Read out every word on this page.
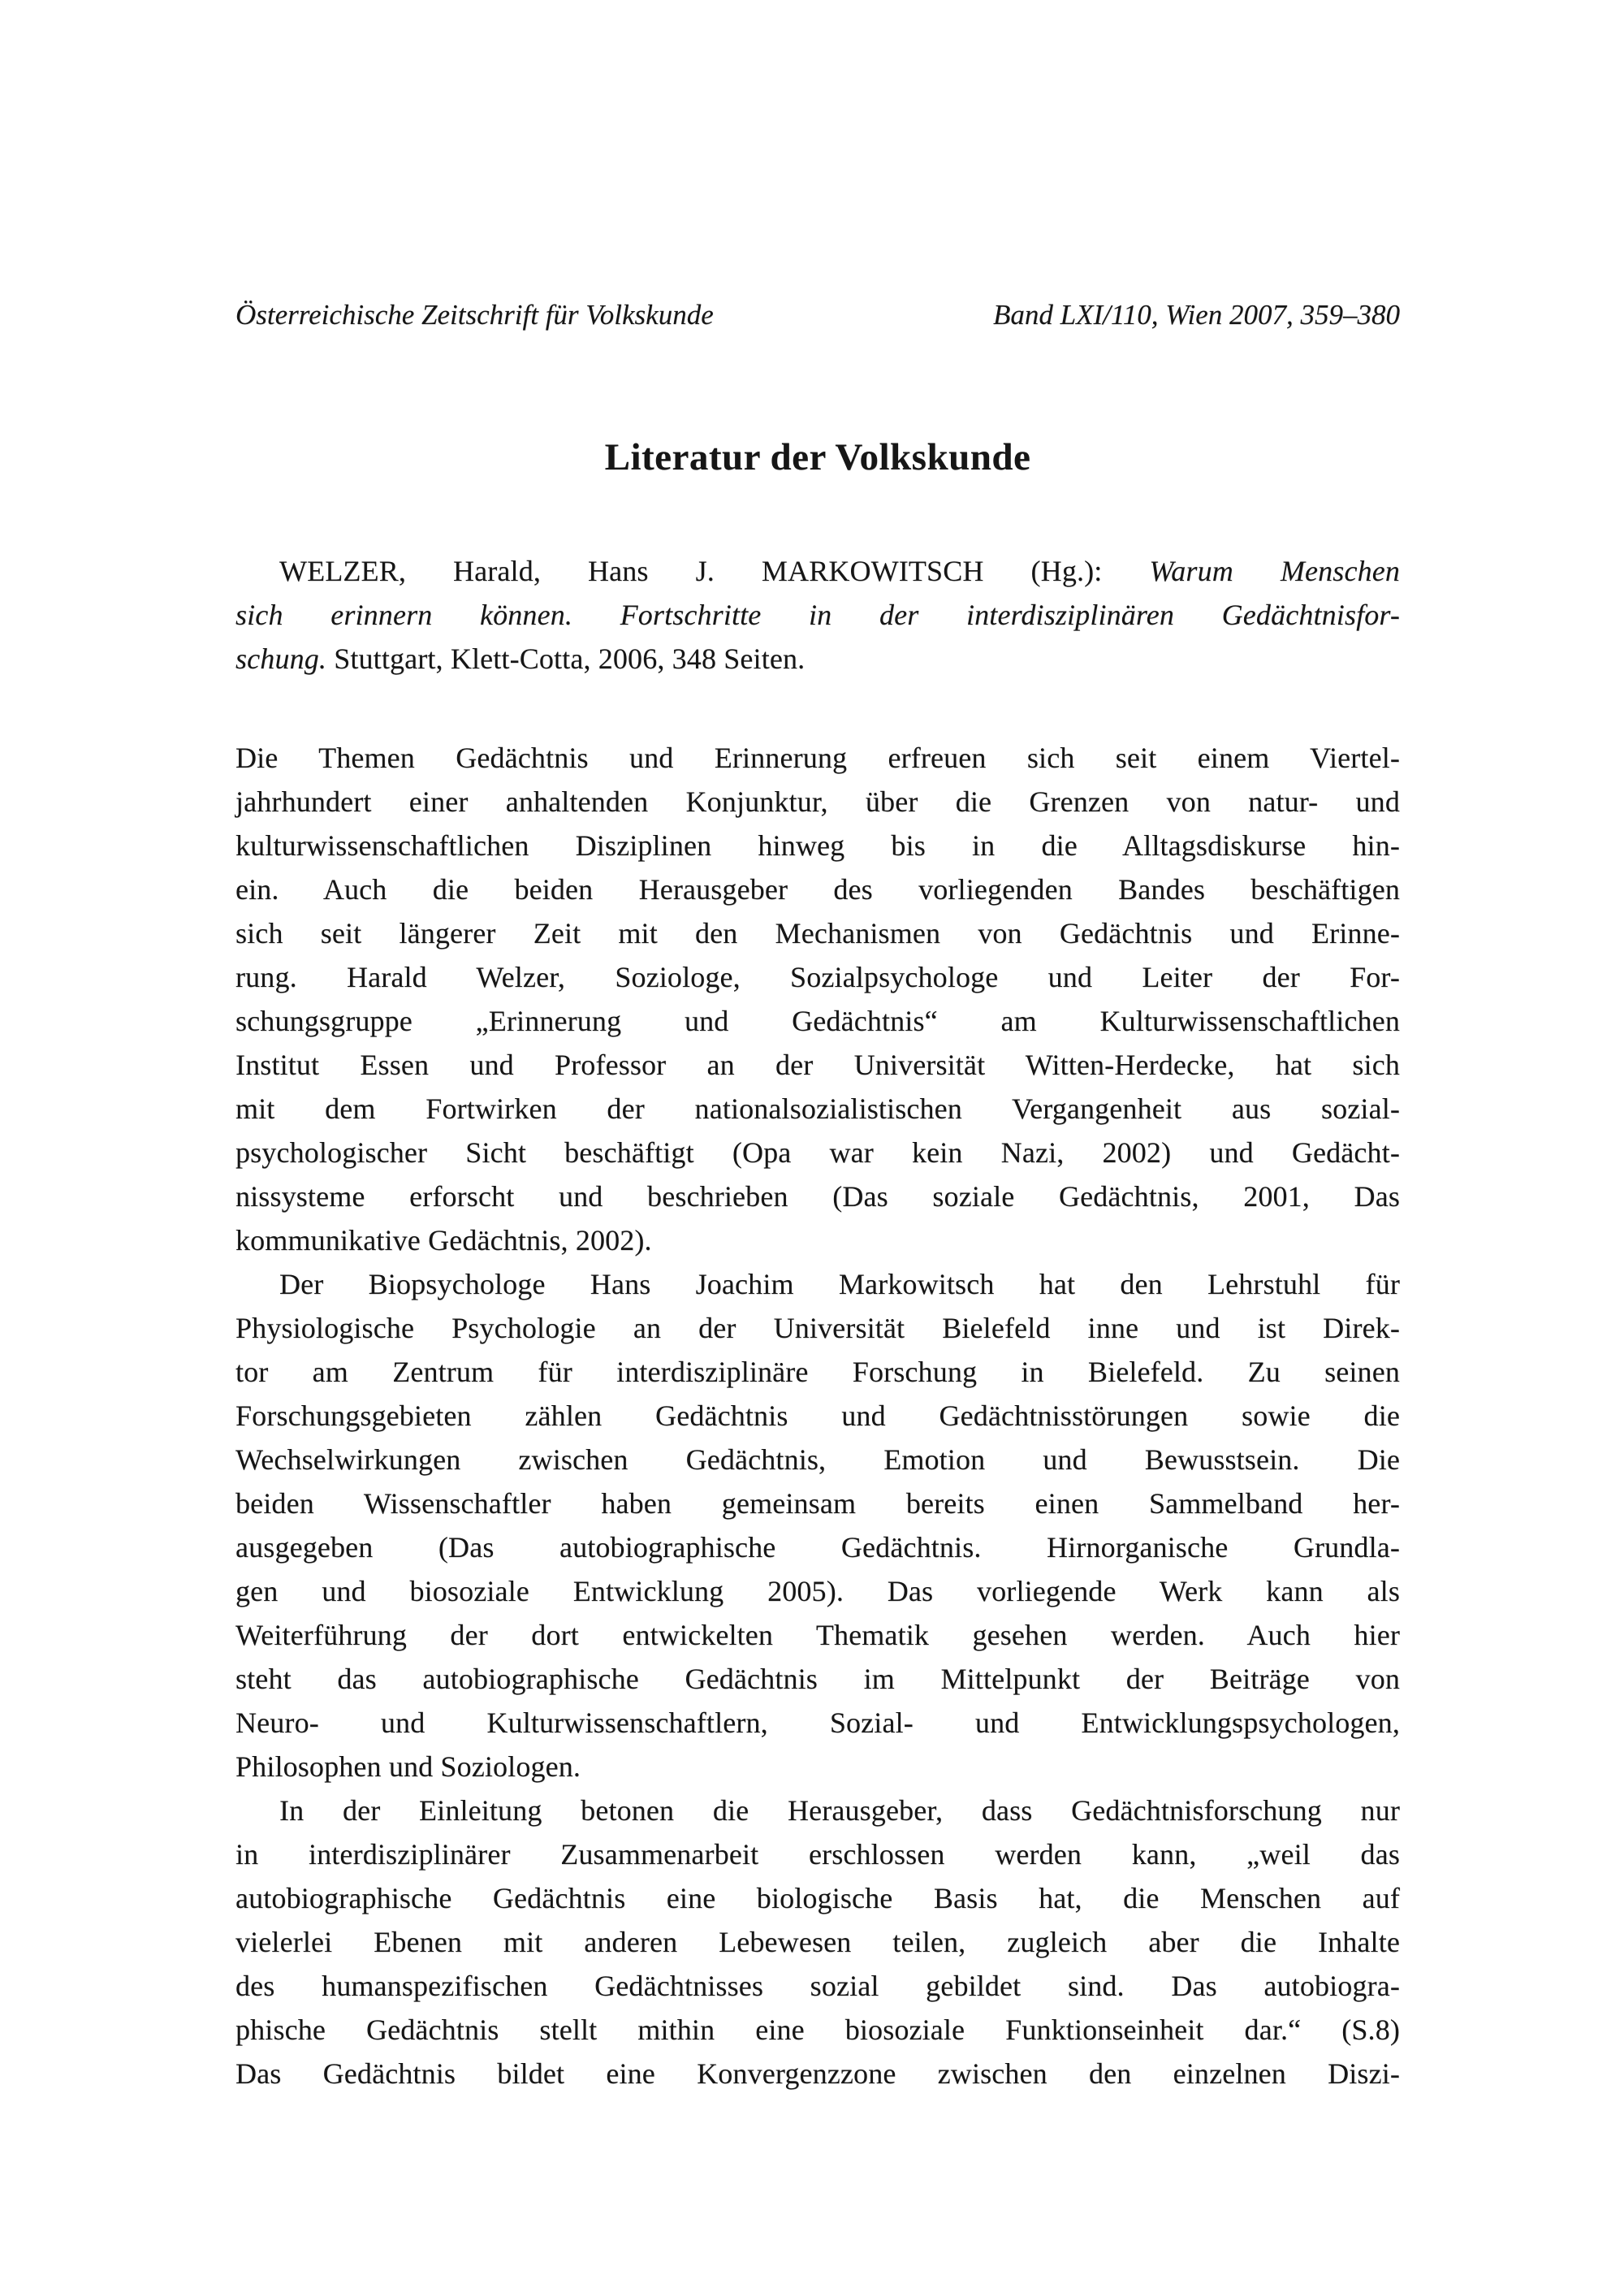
Österreichische Zeitschrift für Volkskunde	Band LXI/110, Wien 2007, 359–380
Literatur der Volkskunde
WELZER, Harald, Hans J. MARKOWITSCH (Hg.): Warum Menschen
sich erinnern können. Fortschritte in der interdisziplinären Gedächtnisfor-
schung. Stuttgart, Klett-Cotta, 2006, 348 Seiten.
Die Themen Gedächtnis und Erinnerung erfreuen sich seit einem Viertel-
jahrhundert einer anhaltenden Konjunktur, über die Grenzen von natur- und
kulturwissenschaftlichen Disziplinen hinweg bis in die Alltagsdiskurse hin-
ein. Auch die beiden Herausgeber des vorliegenden Bandes beschäftigen
sich seit längerer Zeit mit den Mechanismen von Gedächtnis und Erinne-
rung. Harald Welzer, Soziologe, Sozialpsychologe und Leiter der For-
schungsgruppe „Erinnerung und Gedächtnis“ am Kulturwissenschaftlichen
Institut Essen und Professor an der Universität Witten-Herdecke, hat sich
mit dem Fortwirken der nationalsozialistischen Vergangenheit aus sozial-
psychologischer Sicht beschäftigt (Opa war kein Nazi, 2002) und Gedächt-
nissysteme erforscht und beschrieben (Das soziale Gedächtnis, 2001, Das
kommunikative Gedächtnis, 2002).
Der Biopsychologe Hans Joachim Markowitsch hat den Lehrstuhl für
Physiologische Psychologie an der Universität Bielefeld inne und ist Direk-
tor am Zentrum für interdisziplinäre Forschung in Bielefeld. Zu seinen
Forschungsgebieten zählen Gedächtnis und Gedächtnisstörungen sowie die
Wechselwirkungen zwischen Gedächtnis, Emotion und Bewusstsein. Die
beiden Wissenschaftler haben gemeinsam bereits einen Sammelband her-
ausgegeben (Das autobiographische Gedächtnis. Hirnorganische Grundla-
gen und biosoziale Entwicklung 2005). Das vorliegende Werk kann als
Weiterführung der dort entwickelten Thematik gesehen werden. Auch hier
steht das autobiographische Gedächtnis im Mittelpunkt der Beiträge von
Neuro- und Kulturwissenschaftlern, Sozial- und Entwicklungspsychologen,
Philosophen und Soziologen.
In der Einleitung betonen die Herausgeber, dass Gedächtnisforschung nur
in interdisziplinärer Zusammenarbeit erschlossen werden kann, „weil das
autobiographische Gedächtnis eine biologische Basis hat, die Menschen auf
vielerlei Ebenen mit anderen Lebewesen teilen, zugleich aber die Inhalte
des humanspezifischen Gedächtnisses sozial gebildet sind. Das autobiogra-
phische Gedächtnis stellt mithin eine biosoziale Funktionseinheit dar.“ (S.8)
Das Gedächtnis bildet eine Konvergenzzone zwischen den einzelnen Diszi-
